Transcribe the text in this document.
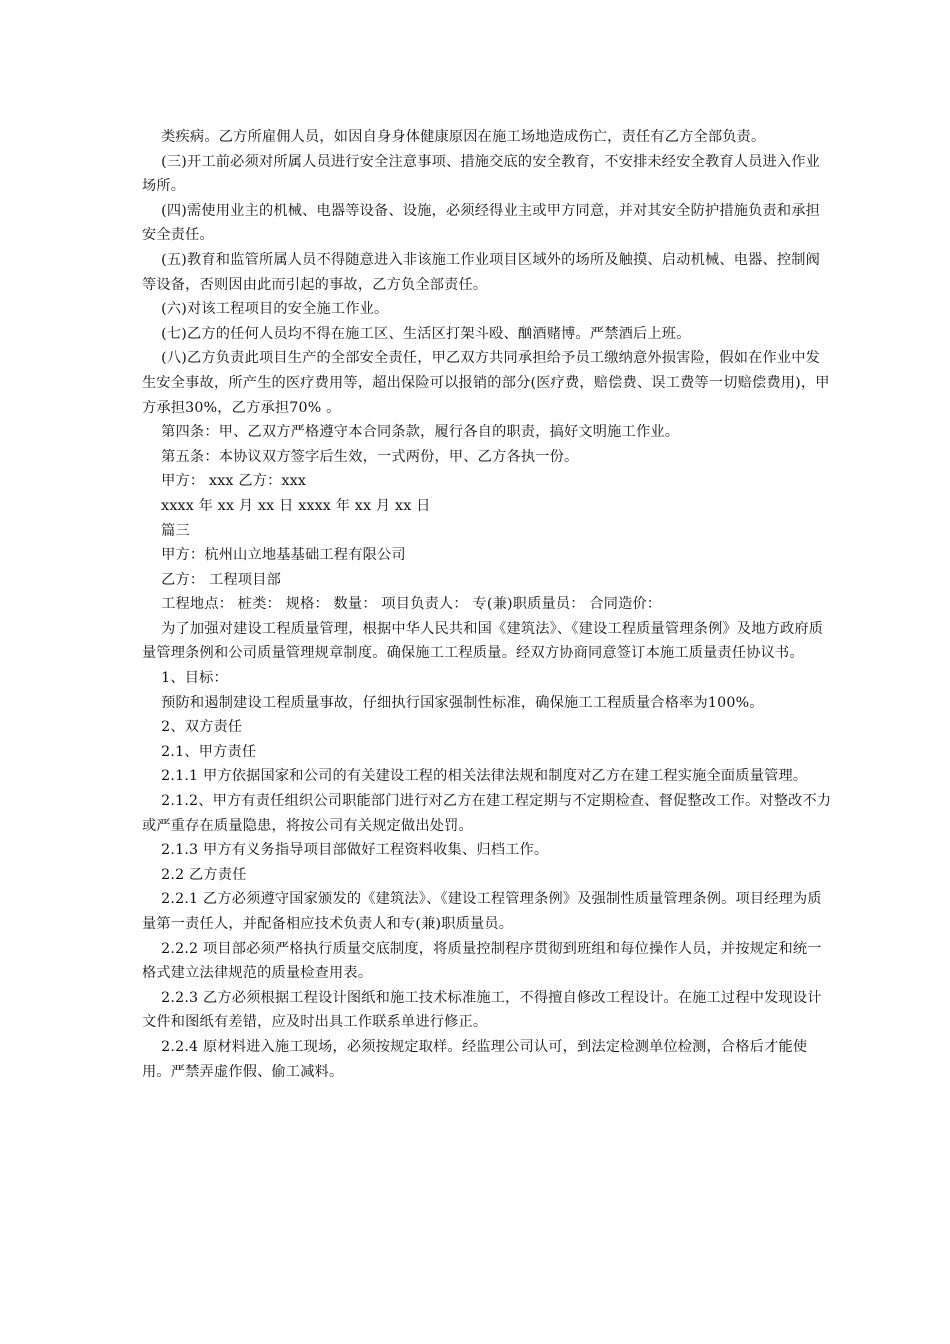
类疾病。乙方所雇佣人员，如因自身身体健康原因在施工场地造成伤亡，责任有乙方全部负责。

(三)开工前必须对所属人员进行安全注意事项、措施交底的安全教育，不安排未经安全教育人员进入作业场所。

(四)需使用业主的机械、电器等设备、设施，必须经得业主或甲方同意，并对其安全防护措施负责和承担安全责任。

(五)教育和监管所属人员不得随意进入非该施工作业项目区域外的场所及触摸、启动机械、电器、控制阀等设备，否则因由此而引起的事故，乙方负全部责任。

(六)对该工程项目的安全施工作业。

(七)乙方的任何人员均不得在施工区、生活区打架斗殴、酗酒赌博。严禁酒后上班。

(八)乙方负责此项目生产的全部安全责任，甲乙双方共同承担给予员工缴纳意外损害险，假如在作业中发生安全事故，所产生的医疗费用等，超出保险可以报销的部分(医疗费，赔偿费、误工费等一切赔偿费用)，甲方承担30%，乙方承担70% 。

第四条：甲、乙双方严格遵守本合同条款，履行各自的职责，搞好文明施工作业。

第五条：本协议双方签字后生效，一式两份，甲、乙方各执一份。

甲方： xxx 乙方：xxx

xxxx 年 xx 月 xx 日 xxxx 年 xx 月 xx 日

篇三

甲方：杭州山立地基基础工程有限公司

乙方： 工程项目部

工程地点： 桩类： 规格： 数量： 项目负责人： 专(兼)职质量员： 合同造价：

为了加强对建设工程质量管理，根据中华人民共和国《建筑法》、《建设工程质量管理条例》及地方政府质量管理条例和公司质量管理规章制度。确保施工工程质量。经双方协商同意签订本施工质量责任协议书。

1、目标：

预防和遏制建设工程质量事故，仔细执行国家强制性标准，确保施工工程质量合格率为100%。

2、双方责任

2.1、甲方责任

2.1.1 甲方依据国家和公司的有关建设工程的相关法律法规和制度对乙方在建工程实施全面质量管理。

2.1.2、甲方有责任组织公司职能部门进行对乙方在建工程定期与不定期检查、督促整改工作。对整改不力或严重存在质量隐患，将按公司有关规定做出处罚。

2.1.3 甲方有义务指导项目部做好工程资料收集、归档工作。

2.2 乙方责任

2.2.1 乙方必须遵守国家颁发的《建筑法》、《建设工程管理条例》及强制性质量管理条例。项目经理为质量第一责任人，并配备相应技术负责人和专(兼)职质量员。

2.2.2 项目部必须严格执行质量交底制度，将质量控制程序贯彻到班组和每位操作人员，并按规定和统一格式建立法律规范的质量检查用表。

2.2.3 乙方必须根据工程设计图纸和施工技术标准施工，不得擅自修改工程设计。在施工过程中发现设计文件和图纸有差错，应及时出具工作联系单进行修正。

2.2.4 原材料进入施工现场，必须按规定取样。经监理公司认可，到法定检测单位检测，合格后才能使用。严禁弄虚作假、偷工减料。
